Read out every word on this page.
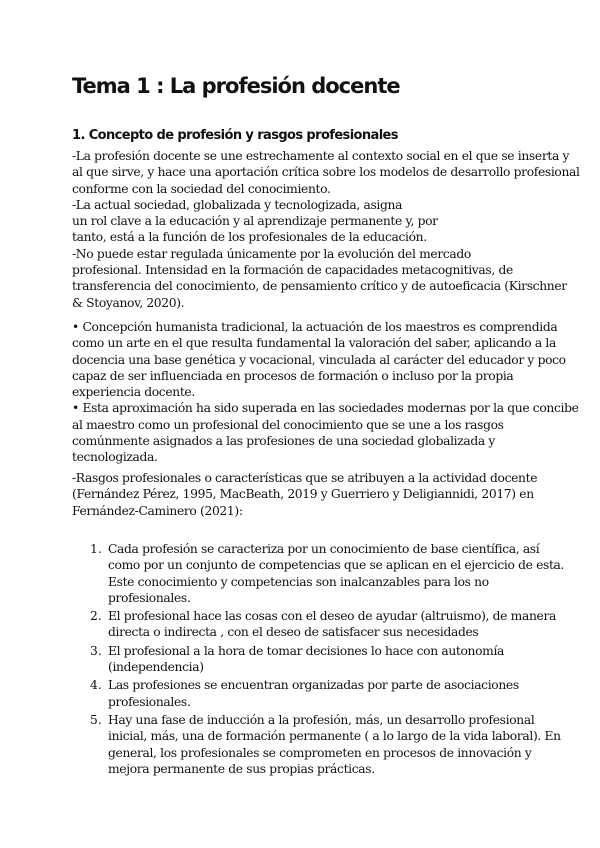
Tema 1 : La profesión docente
1. Concepto de profesión y rasgos profesionales
-La profesión docente se une estrechamente al contexto social en el que se inserta y
al que sirve, y hace una aportación crítica sobre los modelos de desarrollo profesional
conforme con la sociedad del conocimiento.
-La actual sociedad, globalizada y tecnologizada, asigna
un rol clave a la educación y al aprendizaje permanente y, por
tanto, está a la función de los profesionales de la educación.
-No puede estar regulada únicamente por la evolución del mercado
profesional. Intensidad en la formación de capacidades metacognitivas, de
transferencia del conocimiento, de pensamiento crítico y de autoeficacia (Kirschner
& Stoyanov, 2020).
• Concepción humanista tradicional, la actuación de los maestros es comprendida
como un arte en el que resulta fundamental la valoración del saber, aplicando a la
docencia una base genética y vocacional, vinculada al carácter del educador y poco
capaz de ser influenciada en procesos de formación o incluso por la propia
experiencia docente.
• Esta aproximación ha sido superada en las sociedades modernas por la que concibe
al maestro como un profesional del conocimiento que se une a los rasgos
comúnmente asignados a las profesiones de una sociedad globalizada y
tecnologizada.
-Rasgos profesionales o características que se atribuyen a la actividad docente
(Fernández Pérez, 1995, MacBeath, 2019 y Guerriero y Deligiannidi, 2017) en
Fernández-Caminero (2021):
1. Cada profesión se caracteriza por un conocimiento de base científica, así
como por un conjunto de competencias que se aplican en el ejercicio de esta.
Este conocimiento y competencias son inalcanzables para los no
profesionales.
2. El profesional hace las cosas con el deseo de ayudar (altruismo), de manera
directa o indirecta , con el deseo de satisfacer sus necesidades
3. El profesional a la hora de tomar decisiones lo hace con autonomía
(independencia)
4. Las profesiones se encuentran organizadas por parte de asociaciones
profesionales.
5. Hay una fase de inducción a la profesión, más, un desarrollo profesional
inicial, más, una de formación permanente ( a lo largo de la vida laboral). En
general, los profesionales se comprometen en procesos de innovación y
mejora permanente de sus propias prácticas.
